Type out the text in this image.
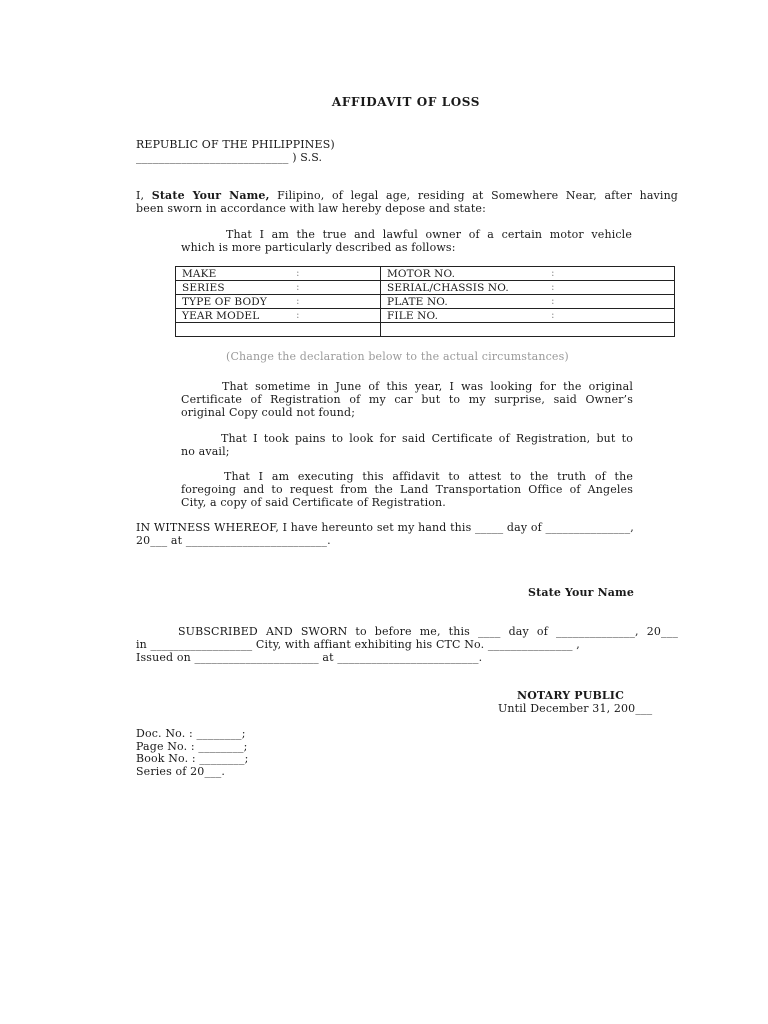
AFFIDAVIT OF LOSS
REPUBLIC OF THE PHILIPPINES)
___________________________ ) S.S.
I, State Your Name, Filipino, of legal age, residing at Somewhere Near, after having
been sworn in accordance with law hereby depose and state:
That I am the true and lawful owner of a certain motor vehicle
which is more particularly described as follows:
MAKE :	MOTOR NO. :

SERIES :	SERIAL/CHASSIS NO. :

TYPE OF BODY :	PLATE NO. :

YEAR MODEL :	FILE NO. :

(Change the declaration below to the actual circumstances)
That sometime in June of this year, I was looking for the original
Certificate of Registration of my car but to my surprise, said Owner’s
original Copy could not found;
That I took pains to look for said Certificate of Registration, but to
no avail;
That I am executing this affidavit to attest to the truth of the
foregoing and to request from the Land Transportation Office of Angeles
City, a copy of said Certificate of Registration.
IN WITNESS WHEREOF, I have hereunto set my hand this _____ day of _______________,
20___ at _________________________.
State Your Name
SUBSCRIBED AND SWORN to before me, this ____ day of ______________, 20___
in __________________ City, with affiant exhibiting his CTC No. _______________ ,
Issued on ______________________ at _________________________.
NOTARY PUBLIC
Until December 31, 200___
Doc. No. : ________;
Page No. : ________;
Book No. : ________;
Series of 20___.
